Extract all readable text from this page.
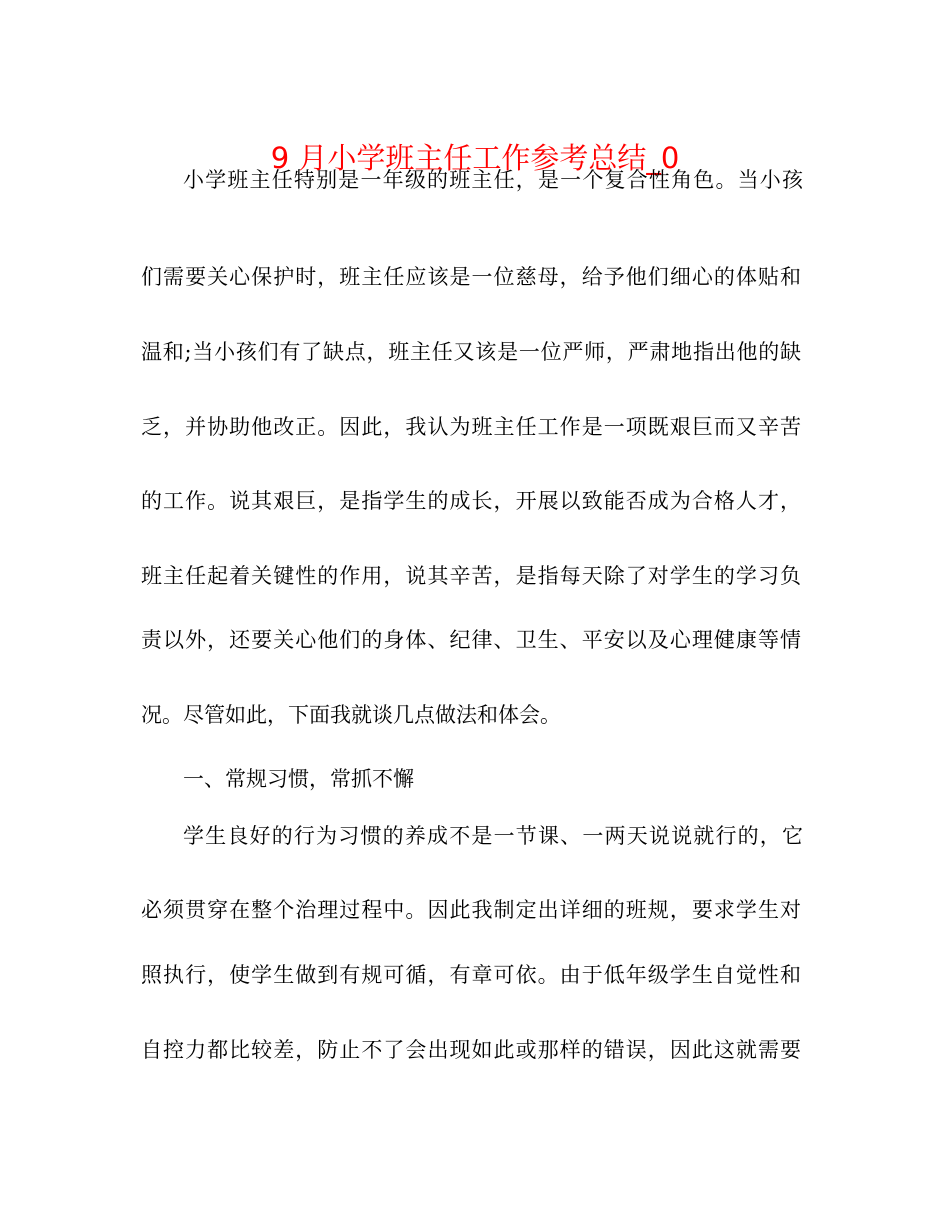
9 月小学班主任工作参考总结_0

小学班主任特别是一年级的班主任，是一个复合性角色。当小孩

们需要关心保护时，班主任应该是一位慈母，给予他们细心的体贴和

温和;当小孩们有了缺点，班主任又该是一位严师，严肃地指出他的缺

乏，并协助他改正。因此，我认为班主任工作是一项既艰巨而又辛苦

的工作。说其艰巨，是指学生的成长，开展以致能否成为合格人才，

班主任起着关键性的作用，说其辛苦，是指每天除了对学生的学习负

责以外，还要关心他们的身体、纪律、卫生、平安以及心理健康等情

况。尽管如此，下面我就谈几点做法和体会。

一、常规习惯，常抓不懈

学生良好的行为习惯的养成不是一节课、一两天说说就行的，它

必须贯穿在整个治理过程中。因此我制定出详细的班规，要求学生对

照执行，使学生做到有规可循，有章可依。由于低年级学生自觉性和

自控力都比较差，防止不了会出现如此或那样的错误，因此这就需要
